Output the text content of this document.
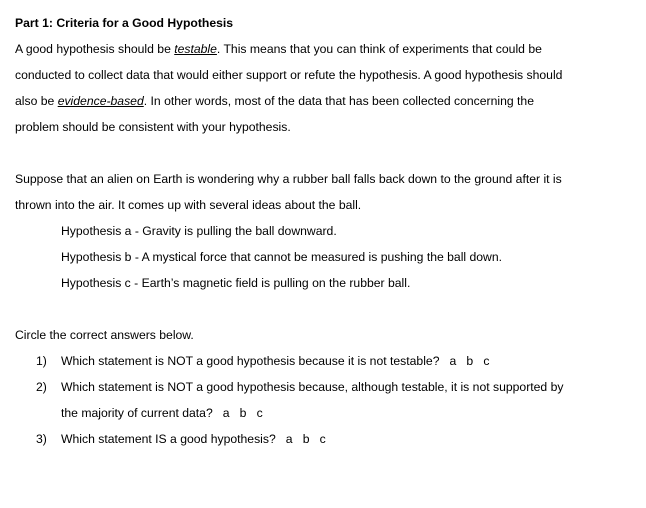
Part 1: Criteria for a Good Hypothesis
A good hypothesis should be testable. This means that you can think of experiments that could be
conducted to collect data that would either support or refute the hypothesis. A good hypothesis should
also be evidence-based. In other words, most of the data that has been collected concerning the
problem should be consistent with your hypothesis.
Suppose that an alien on Earth is wondering why a rubber ball falls back down to the ground after it is
thrown into the air. It comes up with several ideas about the ball.
Hypothesis a - Gravity is pulling the ball downward.
Hypothesis b - A mystical force that cannot be measured is pushing the ball down.
Hypothesis c - Earth’s magnetic field is pulling on the rubber ball.
Circle the correct answers below.
1) Which statement is NOT a good hypothesis because it is not testable? a   b   c
2) Which statement is NOT a good hypothesis because, although testable, it is not supported by
the majority of current data? a   b   c
3) Which statement IS a good hypothesis? a   b   c
